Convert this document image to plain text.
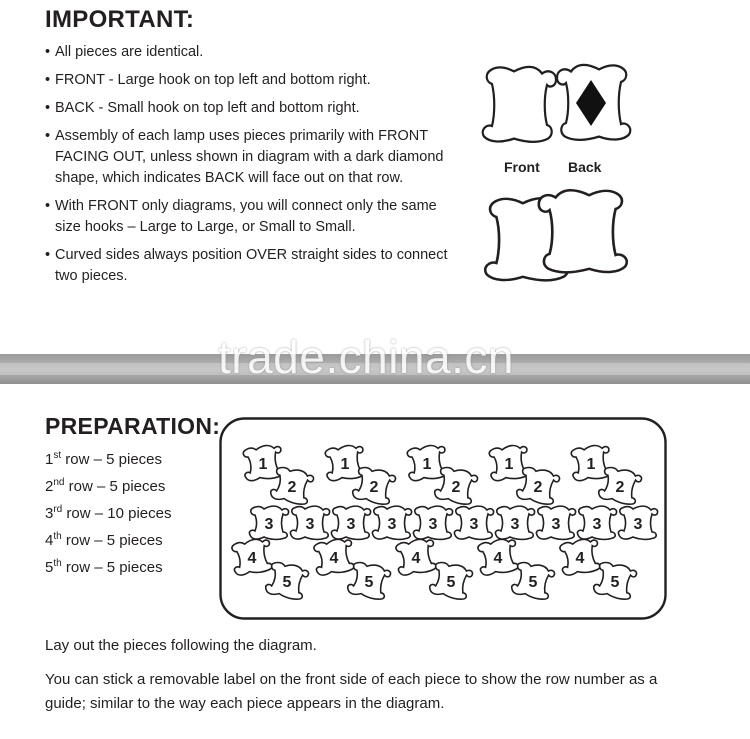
IMPORTANT:
• All pieces are identical.
• FRONT - Large hook on top left and bottom right.
• BACK - Small hook on top left and bottom right.
• Assembly of each lamp uses pieces primarily with FRONT FACING OUT, unless shown in diagram with a dark diamond shape, which indicates BACK will face out on that row.
• With FRONT only diagrams, you will connect only the same size hooks – Large to Large, or Small to Small.
• Curved sides always position OVER straight sides to connect two pieces.
Front Back
trade.china.cn
PREPARATION:
1st row – 5 pieces
2nd row – 5 pieces
3rd row – 10 pieces
4th row – 5 pieces
5th row – 5 pieces
1	1	1	1	1
2	2	2	2	2
3 3 3 3 3 3 3 3 3 3
4	4	4	4	4
5	5	5	5	5
Lay out the pieces following the diagram.
You can stick a removable label on the front side of each piece to show the row number as a guide; similar to the way each piece appears in the diagram.
